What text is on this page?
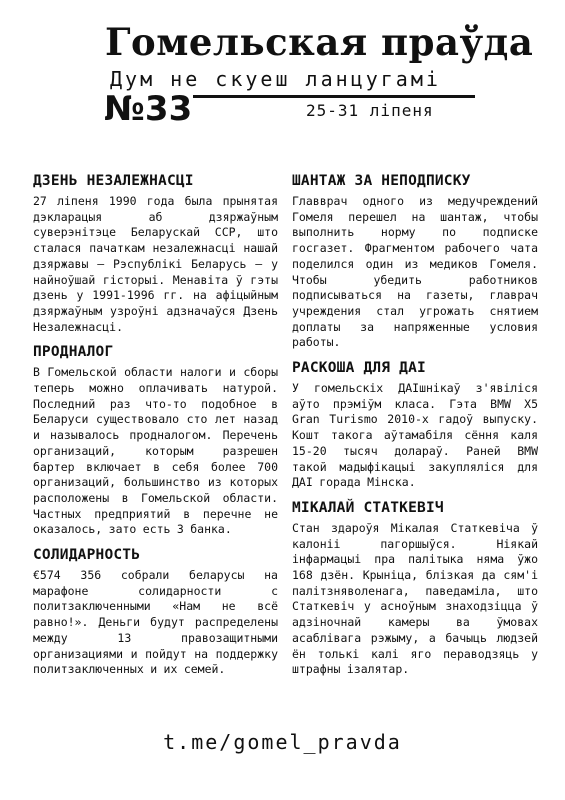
Гомельская праўда
Дум не скуеш ланцугамі
№33	25-31 ліпеня
ДЗЕНЬ НЕЗАЛЕЖНАСЦІ

27 ліпеня 1990 года была прынятая дэкларацыя аб дзяржаўным суверэнітэце Беларускай ССР, што сталася пачаткам незалежнасці нашай дзяржавы – Рэспублікі Беларусь – у найноўшай гісторыі. Менавіта ў гэты дзень у 1991-1996 гг. на афіцыйным дзяржаўным узроўні адзначаўся Дзень Незалежнасці.

ПРОДНАЛОГ

В Гомельской области налоги и сборы теперь можно оплачивать натурой. Последний раз что-то подобное в Беларуси существовало сто лет назад и называлось продналогом. Перечень организаций, которым разрешен бартер включает в себя более 700 организаций, большинство из которых расположены в Гомельской области. Частных предприятий в перечне не оказалось, зато есть 3 банка.

СОЛИДАРНОСТЬ

€574 356 собрали беларусы на марафоне солидарности с политзаключенными «Нам не всё равно!». Деньги будут распределены между 13 правозащитными организациями и пойдут на поддержку политзаключенных и их семей.

ШАНТАЖ ЗА НЕПОДПИСКУ

Главврач одного из медучреждений Гомеля перешел на шантаж, чтобы выполнить норму по подписке госгазет. Фрагментом рабочего чата поделился один из медиков Гомеля. Чтобы убедить работников подписываться на газеты, главрач учреждения стал угрожать снятием доплаты за напряженные условия работы.

РАСКОША ДЛЯ ДАІ

У гомельскіх ДАІшнікаў з'явіліся аўто прэміўм класа. Гэта BMW X5 Gran Turismo 2010-х гадоў выпуску. Кошт такога аўтамабіля сёння каля 15-20 тысяч долараў. Раней BMW такой мадыфікацыі закупляліся для ДАІ горада Мінска.

МІКАЛАЙ СТАТКЕВІЧ

Стан здароўя Мікалая Статкевіча ў калоніі пагоршыўся. Ніякай інфармацыі пра палітыка няма ўжо 168 дзён. Крыніца, блізкая да сям'і палітзняволенага, паведаміла, што Статкевіч у асноўным знаходзіцца ў адзіночнай камеры ва ўмовах асаблівага рэжыму, а бачыць людзей ён толькі калі яго пераводзяць у штрафны ізалятар.

t.me/gomel_pravda
